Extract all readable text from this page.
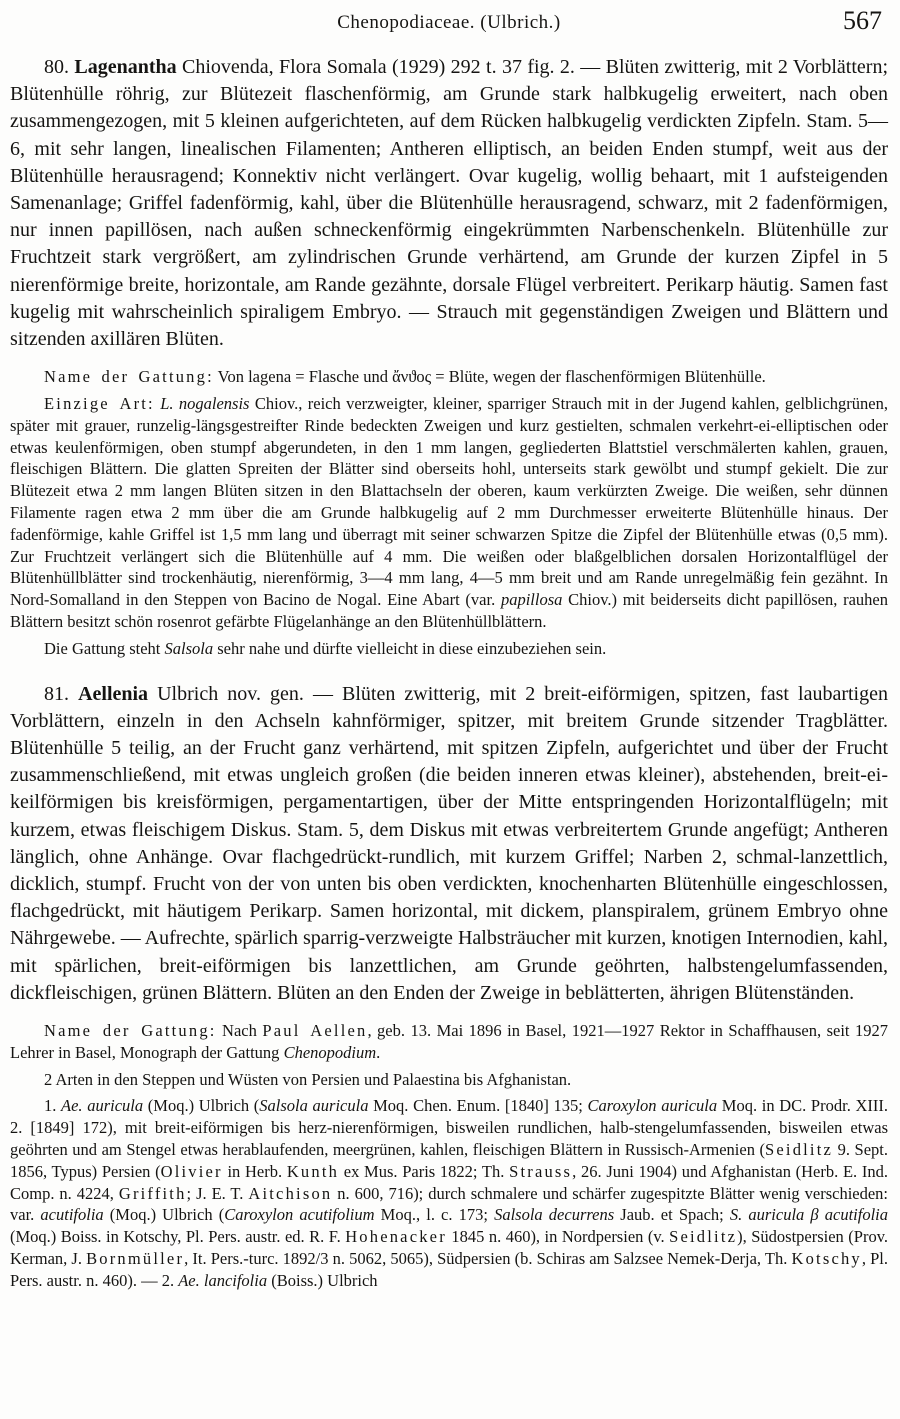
Chenopodiaceae. (Ulbrich.)	567

80. Lagenantha Chiovenda, Flora Somala (1929) 292 t. 37 fig. 2. — Blüten zwitterig, mit 2 Vorblättern; Blütenhülle röhrig, zur Blütezeit flaschenförmig, am Grunde stark halbkugelig erweitert, nach oben zusammengezogen, mit 5 kleinen aufgerichteten, auf dem Rücken halbkugelig verdickten Zipfeln. Stam. 5—6, mit sehr langen, linealischen Filamenten; Antheren elliptisch, an beiden Enden stumpf, weit aus der Blütenhülle herausragend; Konnektiv nicht verlängert. Ovar kugelig, wollig behaart, mit 1 aufsteigenden Samenanlage; Griffel fadenförmig, kahl, über die Blütenhülle herausragend, schwarz, mit 2 fadenförmigen, nur innen papillösen, nach außen schneckenförmig eingekrümmten Narbenschenkeln. Blütenhülle zur Fruchtzeit stark vergrößert, am zylindrischen Grunde verhärtend, am Grunde der kurzen Zipfel in 5 nierenförmige breite, horizontale, am Rande gezähnte, dorsale Flügel verbreitert. Perikarp häutig. Samen fast kugelig mit wahrscheinlich spiraligem Embryo. — Strauch mit gegenständigen Zweigen und Blättern und sitzenden axillären Blüten.

Name der Gattung: Von lagena = Flasche und ἄνϑος = Blüte, wegen der flaschenförmigen Blütenhülle.

Einzige Art: L. nogalensis Chiov., reich verzweigter, kleiner, sparriger Strauch mit in der Jugend kahlen, gelblichgrünen, später mit grauer, runzelig-längsgestreifter Rinde bedeckten Zweigen und kurz gestielten, schmalen verkehrt-ei-elliptischen oder etwas keulenförmigen, oben stumpf abgerundeten, in den 1 mm langen, gegliederten Blattstiel verschmälerten kahlen, grauen, fleischigen Blättern. Die glatten Spreiten der Blätter sind oberseits hohl, unterseits stark gewölbt und stumpf gekielt. Die zur Blütezeit etwa 2 mm langen Blüten sitzen in den Blattachseln der oberen, kaum verkürzten Zweige. Die weißen, sehr dünnen Filamente ragen etwa 2 mm über die am Grunde halbkugelig auf 2 mm Durchmesser erweiterte Blütenhülle hinaus. Der fadenförmige, kahle Griffel ist 1,5 mm lang und überragt mit seiner schwarzen Spitze die Zipfel der Blütenhülle etwas (0,5 mm). Zur Fruchtzeit verlängert sich die Blütenhülle auf 4 mm. Die weißen oder blaßgelblichen dorsalen Horizontalflügel der Blütenhüllblätter sind trockenhäutig, nierenförmig, 3—4 mm lang, 4—5 mm breit und am Rande unregelmäßig fein gezähnt. In Nord-Somalland in den Steppen von Bacino de Nogal. Eine Abart (var. papillosa Chiov.) mit beiderseits dicht papillösen, rauhen Blättern besitzt schön rosenrot gefärbte Flügelanhänge an den Blütenhüllblättern.

Die Gattung steht Salsola sehr nahe und dürfte vielleicht in diese einzubeziehen sein.

81. Aellenia Ulbrich nov. gen. — Blüten zwitterig, mit 2 breit-eiförmigen, spitzen, fast laubartigen Vorblättern, einzeln in den Achseln kahnförmiger, spitzer, mit breitem Grunde sitzender Tragblätter. Blütenhülle 5 teilig, an der Frucht ganz verhärtend, mit spitzen Zipfeln, aufgerichtet und über der Frucht zusammenschließend, mit etwas ungleich großen (die beiden inneren etwas kleiner), abstehenden, breit-ei-keilförmigen bis kreisförmigen, pergamentartigen, über der Mitte entspringenden Horizontalflügeln; mit kurzem, etwas fleischigem Diskus. Stam. 5, dem Diskus mit etwas verbreitertem Grunde angefügt; Antheren länglich, ohne Anhänge. Ovar flachgedrückt-rundlich, mit kurzem Griffel; Narben 2, schmal-lanzettlich, dicklich, stumpf. Frucht von der von unten bis oben verdickten, knochenharten Blütenhülle eingeschlossen, flachgedrückt, mit häutigem Perikarp. Samen horizontal, mit dickem, planspiralem, grünem Embryo ohne Nährgewebe. — Aufrechte, spärlich sparrig-verzweigte Halbsträucher mit kurzen, knotigen Internodien, kahl, mit spärlichen, breit-eiförmigen bis lanzettlichen, am Grunde geöhrten, halbstengelumfassenden, dickfleischigen, grünen Blättern. Blüten an den Enden der Zweige in beblätterten, ährigen Blütenständen.

Name der Gattung: Nach Paul Aellen, geb. 13. Mai 1896 in Basel, 1921—1927 Rektor in Schaffhausen, seit 1927 Lehrer in Basel, Monograph der Gattung Chenopodium.

2 Arten in den Steppen und Wüsten von Persien und Palaestina bis Afghanistan.

1. Ae. auricula (Moq.) Ulbrich (Salsola auricula Moq. Chen. Enum. [1840] 135; Caroxylon auricula Moq. in DC. Prodr. XIII. 2. [1849] 172), mit breit-eiförmigen bis herz-nierenförmigen, bisweilen rundlichen, halb-stengelumfassenden, bisweilen etwas geöhrten und am Stengel etwas herablaufenden, meergrünen, kahlen, fleischigen Blättern in Russisch-Armenien (Seidlitz 9. Sept. 1856, Typus) Persien (Olivier in Herb. Kunth ex Mus. Paris 1822; Th. Strauss, 26. Juni 1904) und Afghanistan (Herb. E. Ind. Comp. n. 4224, Griffith; J. E. T. Aitchison n. 600, 716); durch schmalere und schärfer zugespitzte Blätter wenig verschieden: var. acutifolia (Moq.) Ulbrich (Caroxylon acutifolium Moq., l. c. 173; Salsola decurrens Jaub. et Spach; S. auricula β acutifolia (Moq.) Boiss. in Kotschy, Pl. Pers. austr. ed. R. F. Hohenacker 1845 n. 460), in Nordpersien (v. Seidlitz), Südostpersien (Prov. Kerman, J. Bornmüller, It. Pers.-turc. 1892/3 n. 5062, 5065), Südpersien (b. Schiras am Salzsee Nemek-Derja, Th. Kotschy, Pl. Pers. austr. n. 460). — 2. Ae. lancifolia (Boiss.) Ulbrich
